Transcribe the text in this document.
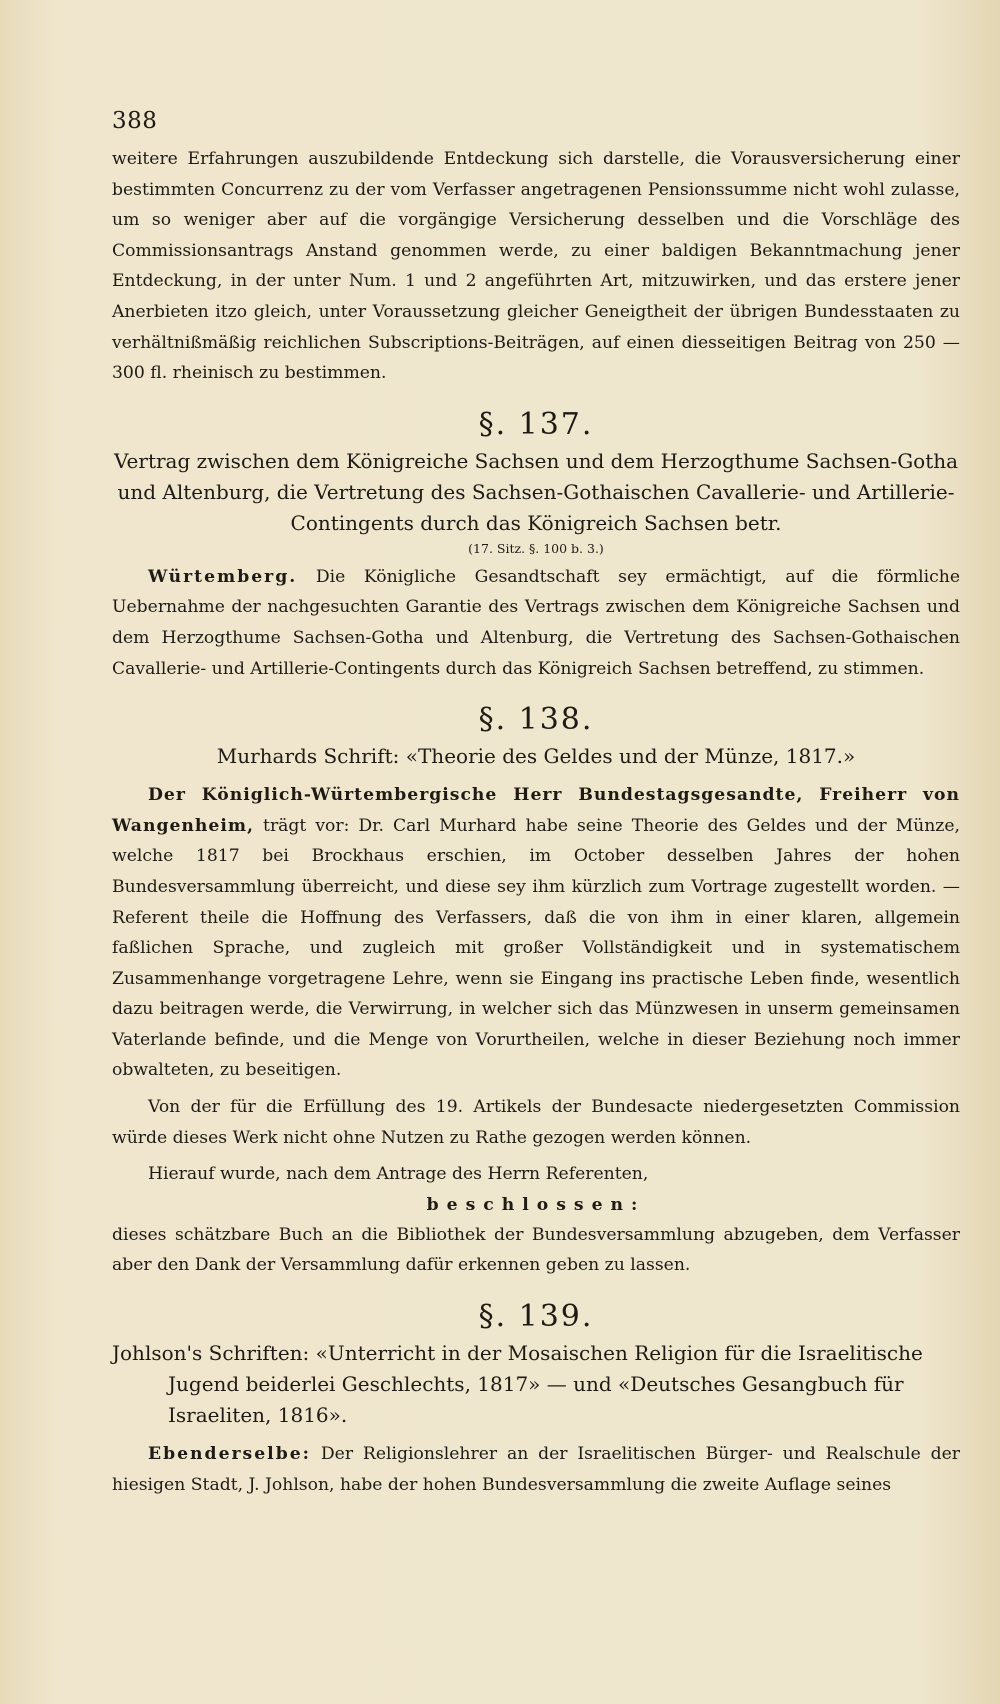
388

weitere Erfahrungen auszubildende Entdeckung sich darstelle, die Vorausversicherung einer bestimmten Concurrenz zu der vom Verfasser angetragenen Pensionssumme nicht wohl zulasse, um so weniger aber auf die vorgängige Versicherung desselben und die Vorschläge des Commissionsantrags Anstand genommen werde, zu einer baldigen Bekanntmachung jener Entdeckung, in der unter Num. 1 und 2 angeführten Art, mitzuwirken, und das erstere jener Anerbieten itzo gleich, unter Voraussetzung gleicher Geneigtheit der übrigen Bundesstaaten zu verhältnißmäßig reichlichen Subscriptions-Beiträgen, auf einen diesseitigen Beitrag von 250 — 300 fl. rheinisch zu bestimmen.

§. 137.
Vertrag zwischen dem Königreiche Sachsen und dem Herzogthume Sachsen-Gotha und Altenburg, die Vertretung des Sachsen-Gothaischen Cavallerie- und Artillerie-Contingents durch das Königreich Sachsen betr.
(17. Sitz. §. 100 b. 3.)

Würtemberg. Die Königliche Gesandtschaft sey ermächtigt, auf die förmliche Uebernahme der nachgesuchten Garantie des Vertrags zwischen dem Königreiche Sachsen und dem Herzogthume Sachsen-Gotha und Altenburg, die Vertretung des Sachsen-Gothaischen Cavallerie- und Artillerie-Contingents durch das Königreich Sachsen betreffend, zu stimmen.

§. 138.
Murhards Schrift: «Theorie des Geldes und der Münze, 1817.»

Der Königlich-Würtembergische Herr Bundestagsgesandte, Freiherr von Wangenheim, trägt vor: Dr. Carl Murhard habe seine Theorie des Geldes und der Münze, welche 1817 bei Brockhaus erschien, im October desselben Jahres der hohen Bundesversammlung überreicht, und diese sey ihm kürzlich zum Vortrage zugestellt worden. — Referent theile die Hoffnung des Verfassers, daß die von ihm in einer klaren, allgemein faßlichen Sprache, und zugleich mit großer Vollständigkeit und in systematischem Zusammenhange vorgetragene Lehre, wenn sie Eingang ins practische Leben finde, wesentlich dazu beitragen werde, die Verwirrung, in welcher sich das Münzwesen in unserm gemeinsamen Vaterlande befinde, und die Menge von Vorurtheilen, welche in dieser Beziehung noch immer obwalteten, zu beseitigen.

Von der für die Erfüllung des 19. Artikels der Bundesacte niedergesetzten Commission würde dieses Werk nicht ohne Nutzen zu Rathe gezogen werden können.

Hierauf wurde, nach dem Antrage des Herrn Referenten,

beschlossen:

dieses schätzbare Buch an die Bibliothek der Bundesversammlung abzugeben, dem Verfasser aber den Dank der Versammlung dafür erkennen geben zu lassen.

§. 139.
Johlson's Schriften: «Unterricht in der Mosaischen Religion für die Israelitische Jugend beiderlei Geschlechts, 1817» — und «Deutsches Gesangbuch für Israeliten, 1816».

Ebenderselbe: Der Religionslehrer an der Israelitischen Bürger- und Realschule der hiesigen Stadt, J. Johlson, habe der hohen Bundesversammlung die zweite Auflage seines
